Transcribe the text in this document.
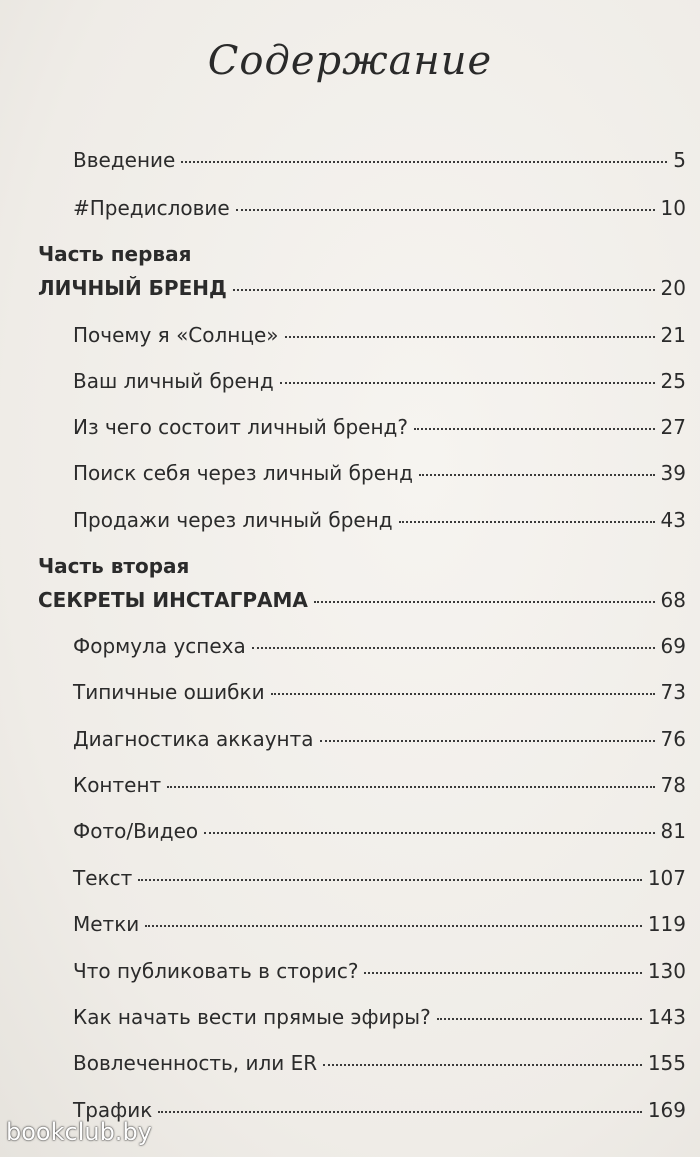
Содержание
Введение	5
#Предисловие	10
Часть первая
ЛИЧНЫЙ БРЕНД	20
Почему я «Солнце»	21
Ваш личный бренд	25
Из чего состоит личный бренд?	27
Поиск себя через личный бренд	39
Продажи через личный бренд	43
Часть вторая
СЕКРЕТЫ ИНСТАГРАМА	68
Формула успеха	69
Типичные ошибки	73
Диагностика аккаунта	76
Контент	78
Фото/Видео	81
Текст	107
Метки	119
Что публиковать в сторис?	130
Как начать вести прямые эфиры?	143
Вовлеченность, или ER	155
Трафик	169
bookclub.by
